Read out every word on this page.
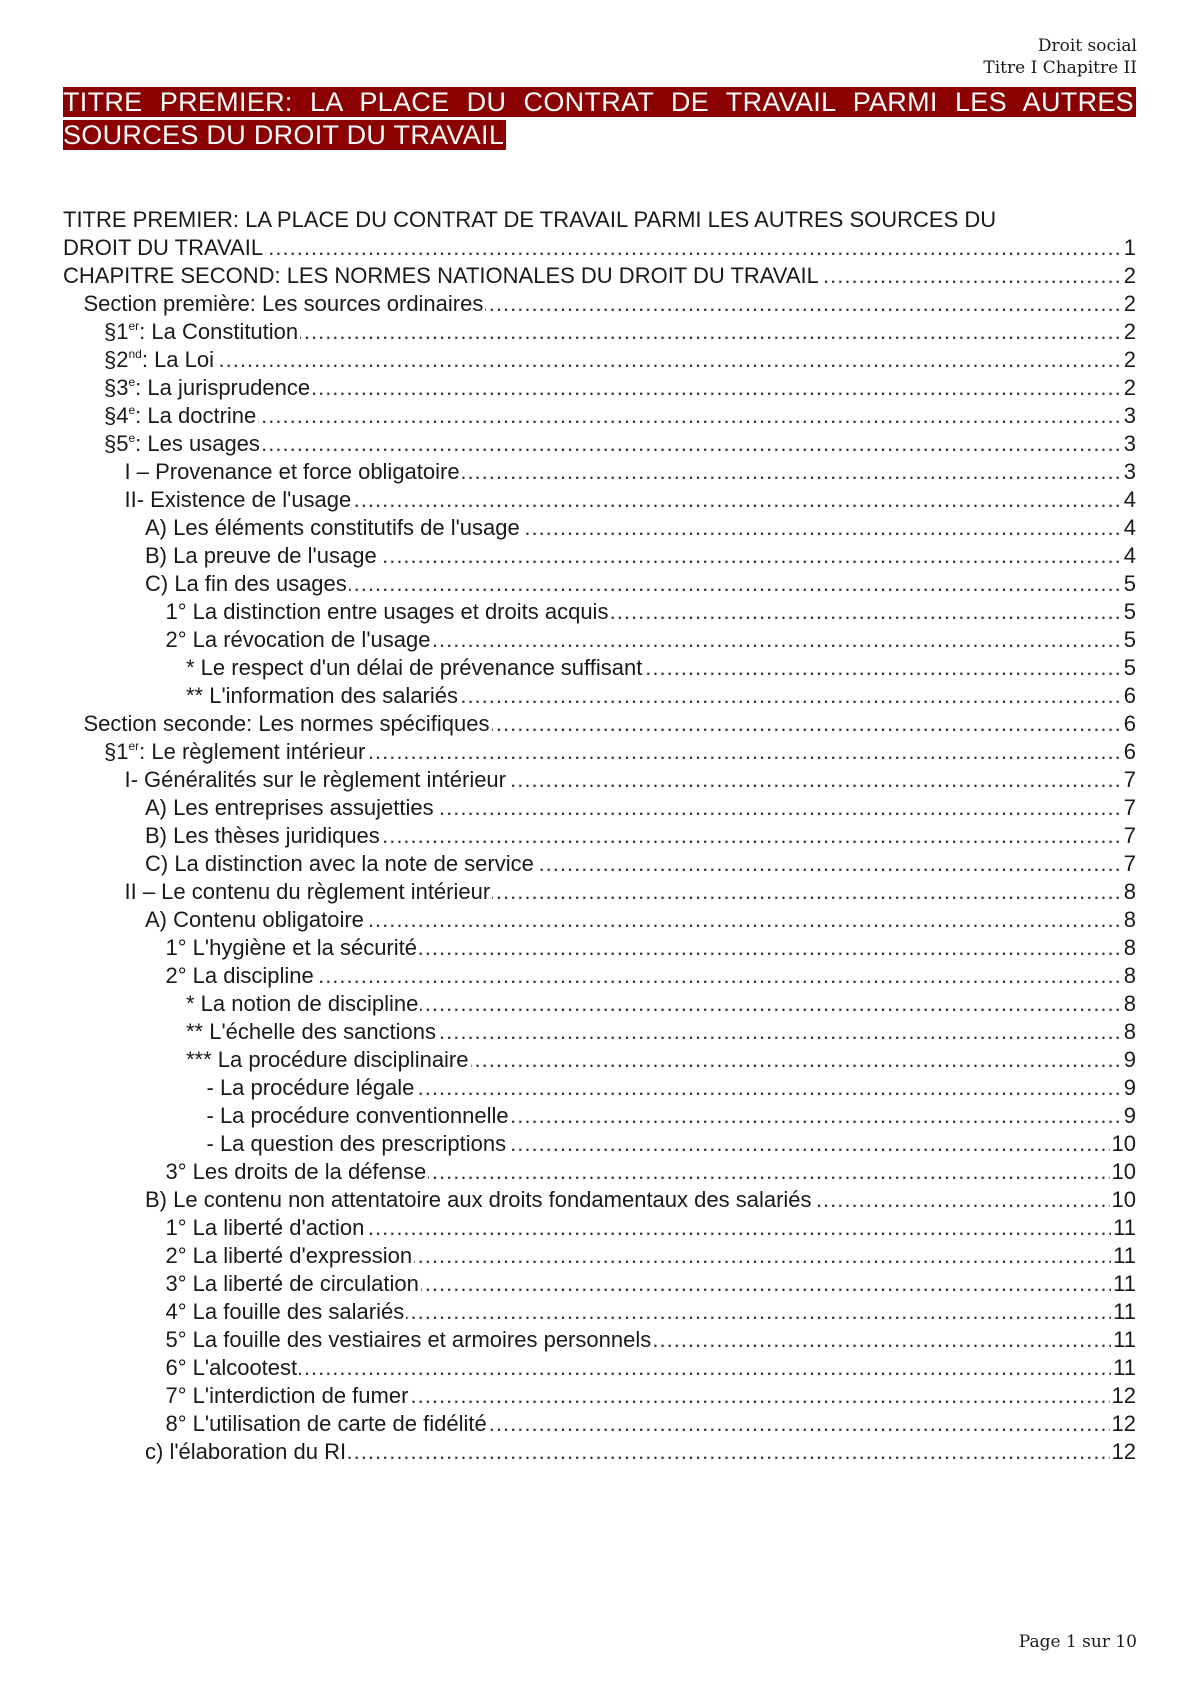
Droit social
Titre I Chapitre II
TITRE PREMIER: LA PLACE DU CONTRAT DE TRAVAIL PARMI LES AUTRES SOURCES DU DROIT DU TRAVAIL
.....
TITRE PREMIER: LA PLACE DU CONTRAT DE TRAVAIL PARMI LES AUTRES SOURCES DU
DROIT DU TRAVAIL	1
.....
CHAPITRE SECOND: LES NORMES NATIONALES DU DROIT DU TRAVAIL	2
.....
Section première: Les sources ordinaires	2
.....
§1er: La Constitution	2
.....
§2nd: La Loi	2
.....
§3e: La jurisprudence	2
.....
§4e: La doctrine	3
.....
§5e: Les usages	3
.....
I – Provenance et force obligatoire	3
.....
II- Existence de l'usage	4
.....
A) Les éléments constitutifs de l'usage	4
.....
B) La preuve de l'usage	4
.....
C) La fin des usages	5
.....
1° La distinction entre usages et droits acquis	5
.....
2° La révocation de l'usage	5
.....
* Le respect d'un délai de prévenance suffisant	5
.....
** L'information des salariés	6
.....
Section seconde: Les normes spécifiques	6
.....
§1er: Le règlement intérieur	6
.....
I- Généralités sur le règlement intérieur	7
.....
A) Les entreprises assujetties	7
.....
B) Les thèses juridiques	7
.....
C) La distinction avec la note de service	7
.....
II – Le contenu du règlement intérieur	8
.....
A) Contenu obligatoire	8
.....
1° L'hygiène et la sécurité	8
.....
2° La discipline	8
.....
* La notion de discipline	8
.....
** L'échelle des sanctions	8
.....
*** La procédure disciplinaire	9
.....
- La procédure légale	9
.....
- La procédure conventionnelle	9
.....
- La question des prescriptions	10
.....
3° Les droits de la défense	10
.....
B) Le contenu non attentatoire aux droits fondamentaux des salariés	10
.....
1° La liberté d'action	11
.....
2° La liberté d'expression	11
.....
3° La liberté de circulation	11
.....
4° La fouille des salariés	11
.....
5° La fouille des vestiaires et armoires personnels	11
.....
6° L'alcootest	11
.....
7° L'interdiction de fumer	12
.....
8° L'utilisation de carte de fidélité	12
.....
c) l'élaboration du RI	12
Page 1 sur 10
